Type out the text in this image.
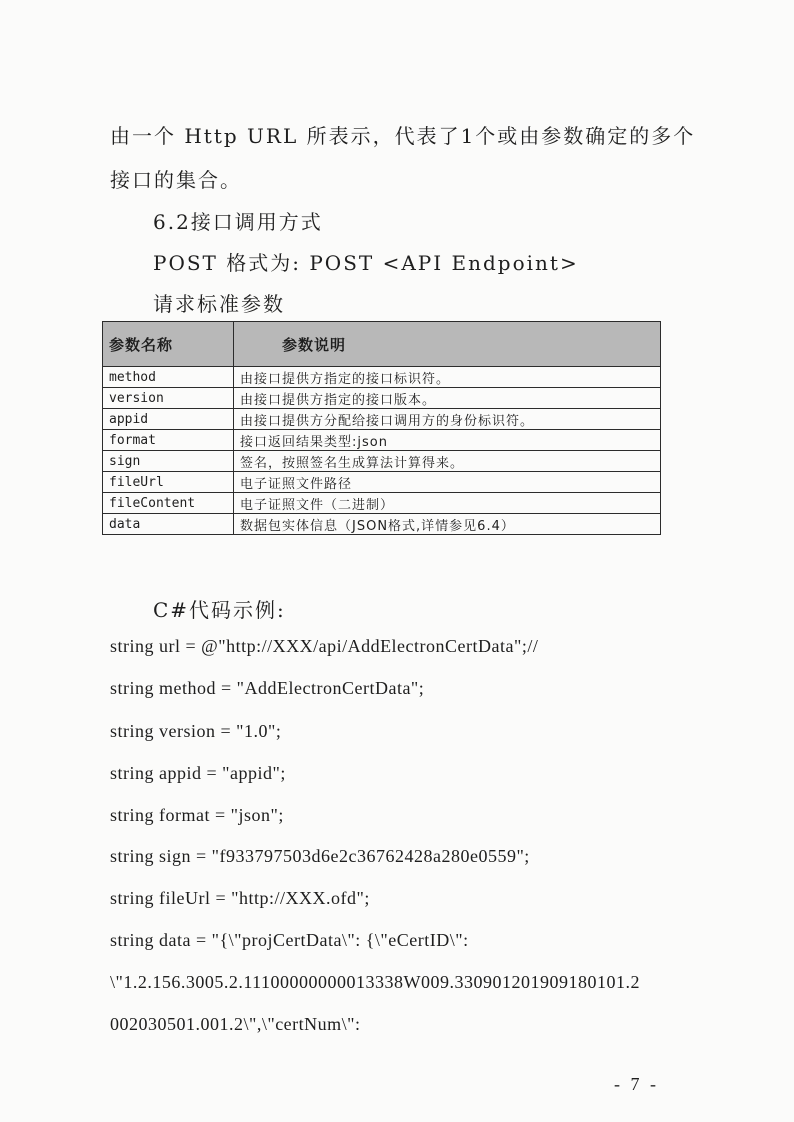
由一个 Http URL 所表示，代表了1个或由参数确定的多个
接口的集合。
6.2接口调用方式
POST 格式为: POST <API Endpoint>
请求标准参数
参数名称	参数说明
method	由接口提供方指定的接口标识符。
version	由接口提供方指定的接口版本。
appid	由接口提供方分配给接口调用方的身份标识符。
format	接口返回结果类型:json
sign	签名，按照签名生成算法计算得来。
fileUrl	电子证照文件路径
fileContent	电子证照文件（二进制）
data	数据包实体信息（JSON格式,详情参见6.4）
C#代码示例:
string url = @"http://XXX/api/AddElectronCertData";//
string method = "AddElectronCertData";
string version = "1.0";
string appid = "appid";
string format = "json";
string sign = "f933797503d6e2c36762428a280e0559";
string fileUrl = "http://XXX.ofd";
string data = "{\"projCertData\": {\"eCertID\":
\"1.2.156.3005.2.11100000000013338W009.330901201909180101.2
002030501.001.2\",\"certNum\":
- 7 -
